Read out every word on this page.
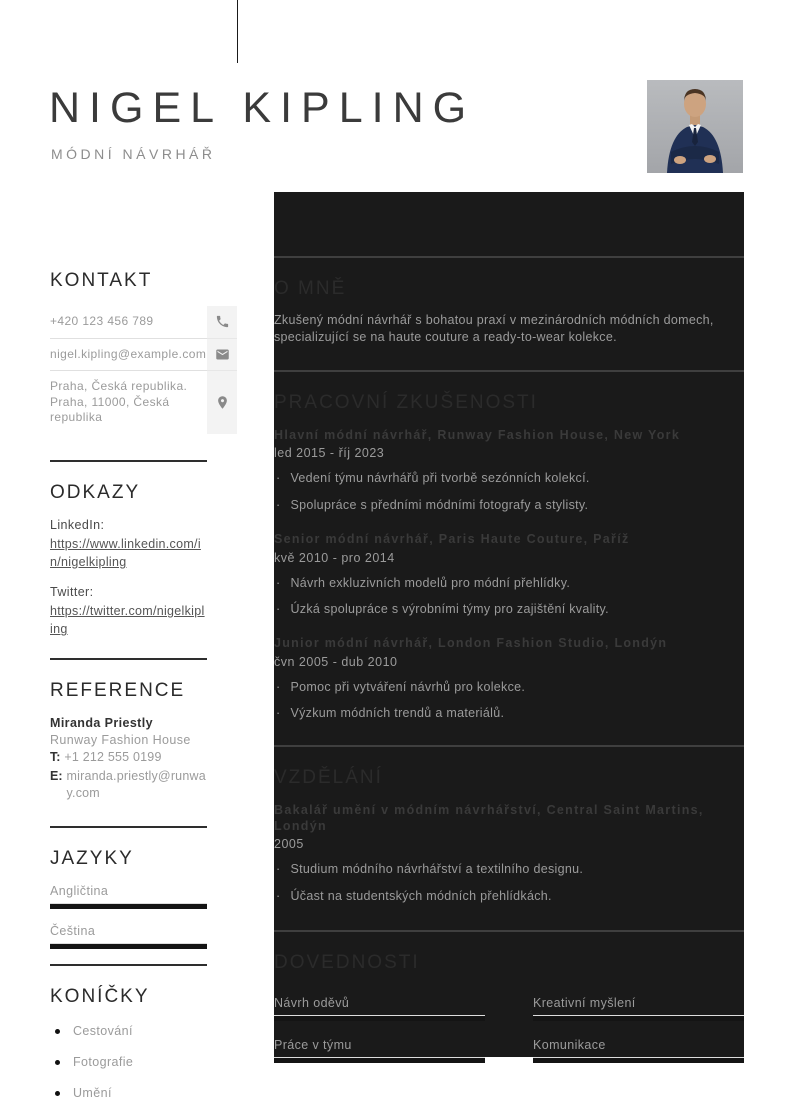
NIGEL KIPLING
MÓDNÍ NÁVRHÁŘ
KONTAKT
+420 123 456 789
nigel.kipling@example.com
Praha, Česká republika. Praha, 11000, Česká republika
ODKAZY
LinkedIn:
https://www.linkedin.com/in/nigelkipling
Twitter:
https://twitter.com/nigelkipling
REFERENCE
Miranda Priestly
Runway Fashion House
T: +1 212 555 0199
E: miranda.priestly@runway.com
JAZYKY
Angličtina
Čeština
KONÍČKY
Cestování
Fotografie
Umění
O MNĚ

Zkušený módní návrhář s bohatou praxí v mezinárodních módních domech, specializující se na haute couture a ready-to-wear kolekce.

PRACOVNÍ ZKUŠENOSTI
Hlavní módní návrhář, Runway Fashion House, New York
led 2015 - říj 2023
· Vedení týmu návrhářů při tvorbě sezónních kolekcí.
· Spolupráce s předními módními fotografy a stylisty.
Senior módní návrhář, Paris Haute Couture, Paříž
kvě 2010 - pro 2014
· Návrh exkluzivních modelů pro módní přehlídky.
· Úzká spolupráce s výrobními týmy pro zajištění kvality.
Junior módní návrhář, London Fashion Studio, Londýn
čvn 2005 - dub 2010
· Pomoc při vytváření návrhů pro kolekce.
· Výzkum módních trendů a materiálů.
VZDĚLÁNÍ
Bakalář umění v módním návrhářství, Central Saint Martins, Londýn
2005
· Studium módního návrhářství a textilního designu.
· Účast na studentských módních přehlídkách.
DOVEDNOSTI
Návrh oděvů	Kreativní myšlení
Práce v týmu	Komunikace
